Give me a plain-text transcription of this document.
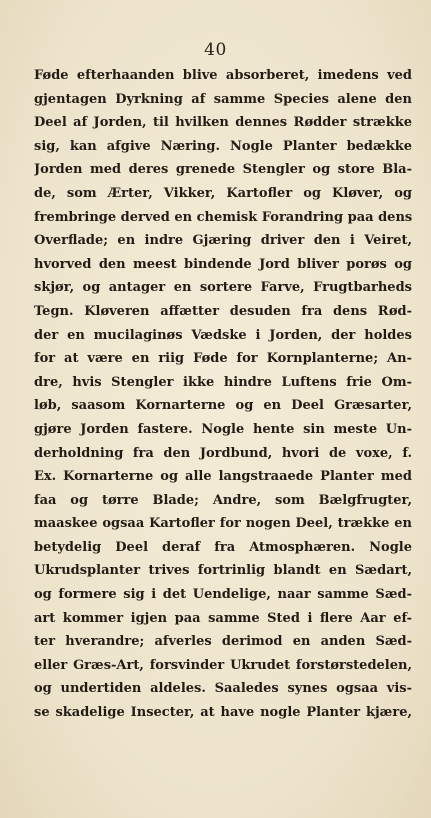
40
Føde efterhaanden blive absorberet, imedens ved
gjentagen Dyrkning af samme Species alene den
Deel af Jorden, til hvilken dennes Rødder strække
sig, kan afgive Næring. Nogle Planter bedække
Jorden med deres grenede Stengler og store Bla-
de, som Ærter, Vikker, Kartofler og Kløver, og
frembringe derved en chemisk Forandring paa dens
Overflade; en indre Gjæring driver den i Veiret,
hvorved den meest bindende Jord bliver porøs og
skjør, og antager en sortere Farve, Frugtbarheds
Tegn. Kløveren affætter desuden fra dens Rød-
der en mucilaginøs Vædske i Jorden, der holdes
for at være en riig Føde for Kornplanterne; An-
dre, hvis Stengler ikke hindre Luftens frie Om-
løb, saasom Kornarterne og en Deel Græsarter,
gjøre Jorden fastere. Nogle hente sin meste Un-
derholdning fra den Jordbund, hvori de voxe, f.
Ex. Kornarterne og alle langstraaede Planter med
faa og tørre Blade; Andre, som Bælgfrugter,
maaskee ogsaa Kartofler for nogen Deel, trække en
betydelig Deel deraf fra Atmosphæren. Nogle
Ukrudsplanter trives fortrinlig blandt en Sædart,
og formere sig i det Uendelige, naar samme Sæd-
art kommer igjen paa samme Sted i flere Aar ef-
ter hverandre; afverles derimod en anden Sæd-
eller Græs-Art, forsvinder Ukrudet forstørstedelen,
og undertiden aldeles. Saaledes synes ogsaa vis-
se skadelige Insecter, at have nogle Planter kjære,
